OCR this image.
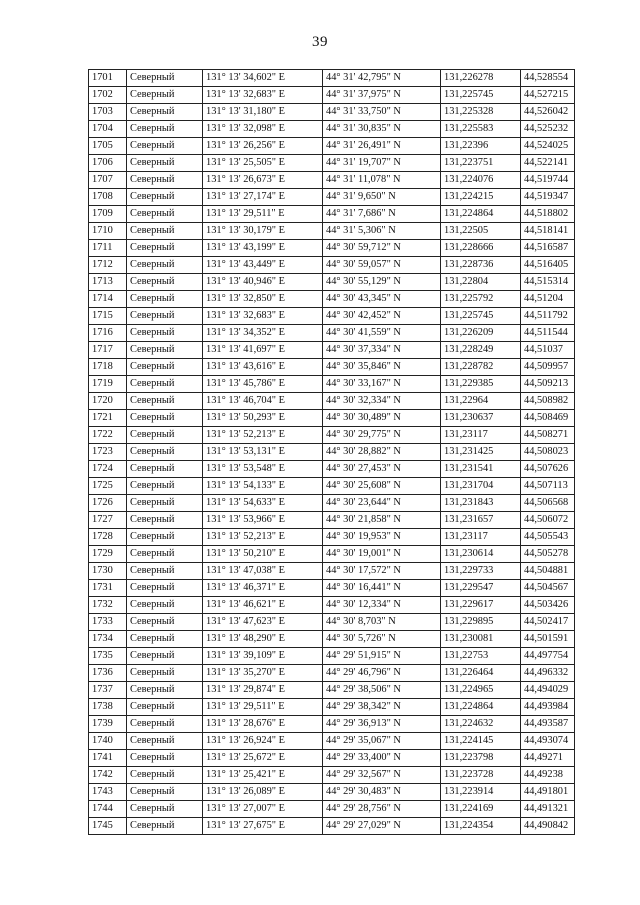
39
1701	Северный	131° 13' 34,602" E	44° 31' 42,795" N	131,226278	44,528554
1702	Северный	131° 13' 32,683" E	44° 31' 37,975" N	131,225745	44,527215
1703	Северный	131° 13' 31,180" E	44° 31' 33,750" N	131,225328	44,526042
1704	Северный	131° 13' 32,098" E	44° 31' 30,835" N	131,225583	44,525232
1705	Северный	131° 13' 26,256" E	44° 31' 26,491" N	131,22396	44,524025
1706	Северный	131° 13' 25,505" E	44° 31' 19,707" N	131,223751	44,522141
1707	Северный	131° 13' 26,673" E	44° 31' 11,078" N	131,224076	44,519744
1708	Северный	131° 13' 27,174" E	44° 31' 9,650" N	131,224215	44,519347
1709	Северный	131° 13' 29,511" E	44° 31' 7,686" N	131,224864	44,518802
1710	Северный	131° 13' 30,179" E	44° 31' 5,306" N	131,22505	44,518141
1711	Северный	131° 13' 43,199" E	44° 30' 59,712" N	131,228666	44,516587
1712	Северный	131° 13' 43,449" E	44° 30' 59,057" N	131,228736	44,516405
1713	Северный	131° 13' 40,946" E	44° 30' 55,129" N	131,22804	44,515314
1714	Северный	131° 13' 32,850" E	44° 30' 43,345" N	131,225792	44,51204
1715	Северный	131° 13' 32,683" E	44° 30' 42,452" N	131,225745	44,511792
1716	Северный	131° 13' 34,352" E	44° 30' 41,559" N	131,226209	44,511544
1717	Северный	131° 13' 41,697" E	44° 30' 37,334" N	131,228249	44,51037
1718	Северный	131° 13' 43,616" E	44° 30' 35,846" N	131,228782	44,509957
1719	Северный	131° 13' 45,786" E	44° 30' 33,167" N	131,229385	44,509213
1720	Северный	131° 13' 46,704" E	44° 30' 32,334" N	131,22964	44,508982
1721	Северный	131° 13' 50,293" E	44° 30' 30,489" N	131,230637	44,508469
1722	Северный	131° 13' 52,213" E	44° 30' 29,775" N	131,23117	44,508271
1723	Северный	131° 13' 53,131" E	44° 30' 28,882" N	131,231425	44,508023
1724	Северный	131° 13' 53,548" E	44° 30' 27,453" N	131,231541	44,507626
1725	Северный	131° 13' 54,133" E	44° 30' 25,608" N	131,231704	44,507113
1726	Северный	131° 13' 54,633" E	44° 30' 23,644" N	131,231843	44,506568
1727	Северный	131° 13' 53,966" E	44° 30' 21,858" N	131,231657	44,506072
1728	Северный	131° 13' 52,213" E	44° 30' 19,953" N	131,23117	44,505543
1729	Северный	131° 13' 50,210" E	44° 30' 19,001" N	131,230614	44,505278
1730	Северный	131° 13' 47,038" E	44° 30' 17,572" N	131,229733	44,504881
1731	Северный	131° 13' 46,371" E	44° 30' 16,441" N	131,229547	44,504567
1732	Северный	131° 13' 46,621" E	44° 30' 12,334" N	131,229617	44,503426
1733	Северный	131° 13' 47,623" E	44° 30' 8,703" N	131,229895	44,502417
1734	Северный	131° 13' 48,290" E	44° 30' 5,726" N	131,230081	44,501591
1735	Северный	131° 13' 39,109" E	44° 29' 51,915" N	131,22753	44,497754
1736	Северный	131° 13' 35,270" E	44° 29' 46,796" N	131,226464	44,496332
1737	Северный	131° 13' 29,874" E	44° 29' 38,506" N	131,224965	44,494029
1738	Северный	131° 13' 29,511" E	44° 29' 38,342" N	131,224864	44,493984
1739	Северный	131° 13' 28,676" E	44° 29' 36,913" N	131,224632	44,493587
1740	Северный	131° 13' 26,924" E	44° 29' 35,067" N	131,224145	44,493074
1741	Северный	131° 13' 25,672" E	44° 29' 33,400" N	131,223798	44,49271
1742	Северный	131° 13' 25,421" E	44° 29' 32,567" N	131,223728	44,49238
1743	Северный	131° 13' 26,089" E	44° 29' 30,483" N	131,223914	44,491801
1744	Северный	131° 13' 27,007" E	44° 29' 28,756" N	131,224169	44,491321
1745	Северный	131° 13' 27,675" E	44° 29' 27,029" N	131,224354	44,490842
